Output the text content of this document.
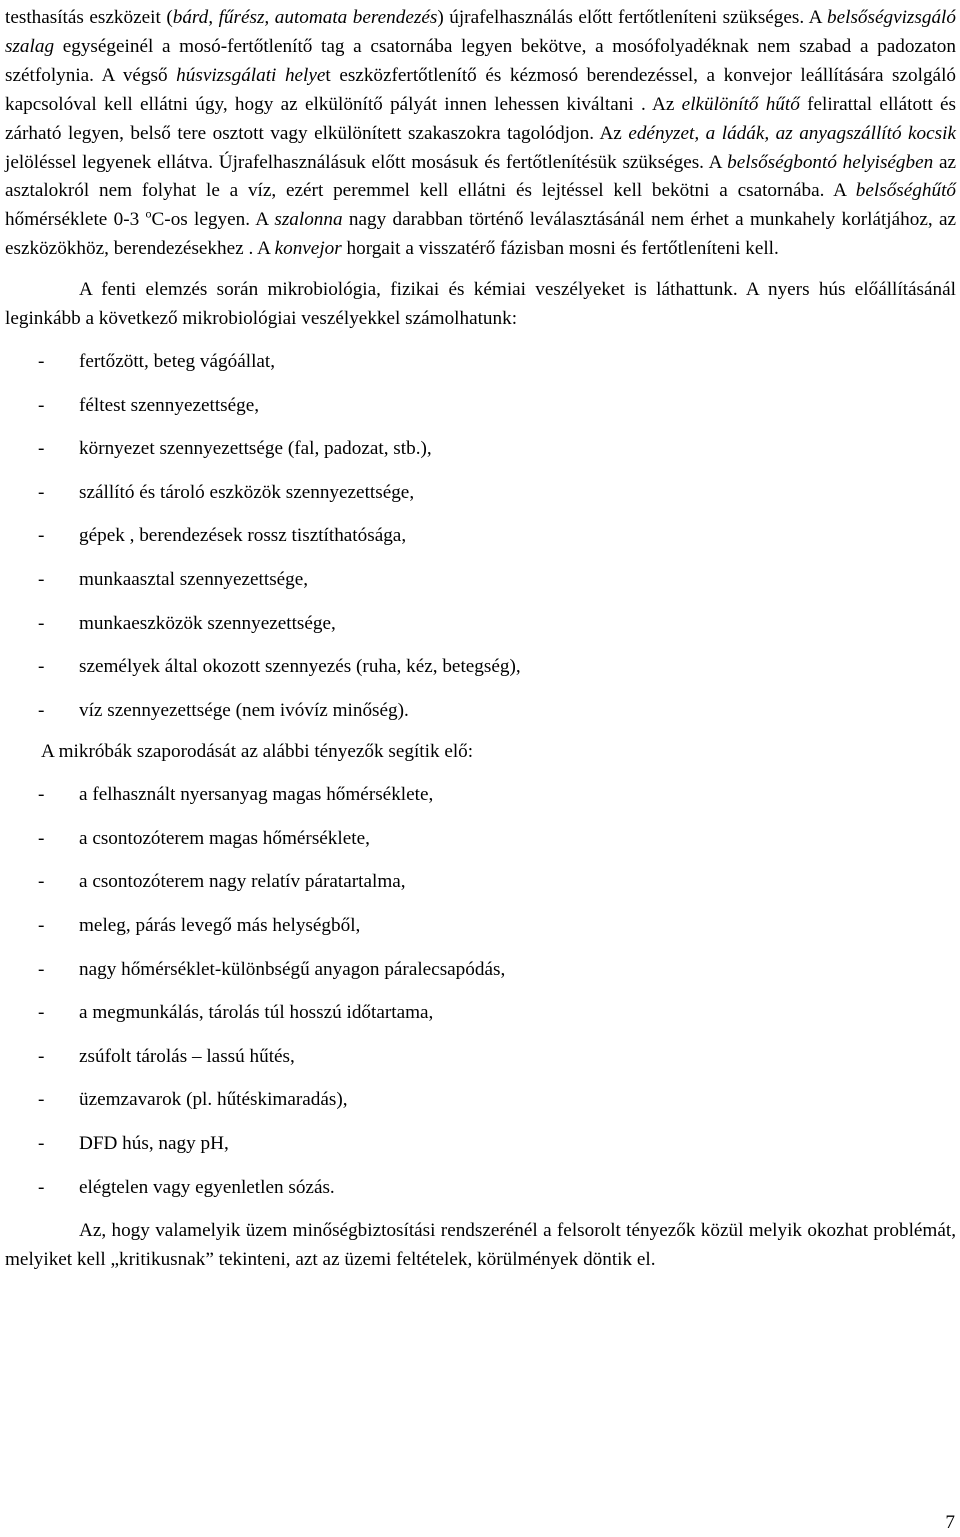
testhasítás eszközeit (bárd, fűrész, automata berendezés) újrafelhasználás előtt fertőtleníteni szükséges. A belsőségvizsgáló szalag egységeinél a mosó-fertőtlenítő tag a csatornába legyen bekötve, a mosófolyadéknak nem szabad a padozaton szétfolynia. A végső húsvizsgálati helyet eszközfertőtlenítő és kézmosó berendezéssel, a konvejor leállítására szolgáló kapcsolóval kell ellátni úgy, hogy az elkülönítő pályát innen lehessen kiváltani . Az elkülönítő hűtő felirattal ellátott és zárható legyen, belső tere osztott vagy elkülönített szakaszokra tagolódjon. Az edényzet, a ládák, az anyagszállító kocsik jelöléssel legyenek ellátva. Újrafelhasználásuk előtt mosásuk és fertőtlenítésük szükséges. A belsőségbontó helyiségben az asztalokról nem folyhat le a víz, ezért peremmel kell ellátni és lejtéssel kell bekötni a csatornába. A belsőséghűtő hőmérséklete 0-3 $^o$C-os legyen. A szalonna nagy darabban történő leválasztásánál nem érhet a munkahely korlátjához, az eszközökhöz, berendezésekhez . A konvejor horgait a visszatérő fázisban mosni és fertőtleníteni kell.

A fenti elemzés során mikrobiológia, fizikai és kémiai veszélyeket is láthattunk. A nyers hús előállításánál leginkább a következő mikrobiológiai veszélyekkel számolhatunk:

- fertőzött, beteg vágóállat,
- féltest szennyezettsége,
- környezet szennyezettsége (fal, padozat, stb.),
- szállító és tároló eszközök szennyezettsége,
- gépek , berendezések rossz tisztíthatósága,
- munkaasztal szennyezettsége,
- munkaeszközök szennyezettsége,
- személyek által okozott szennyezés (ruha, kéz, betegség),
- víz szennyezettsége (nem ivóvíz minőség).

A mikróbák szaporodását az alábbi tényezők segítik elő:

- a felhasznált nyersanyag magas hőmérséklete,
- a csontozóterem magas hőmérséklete,
- a csontozóterem nagy relatív páratartalma,
- meleg, párás levegő más helységből,
- nagy hőmérséklet-különbségű anyagon páralecsapódás,
- a megmunkálás, tárolás túl hosszú időtartama,
- zsúfolt tárolás – lassú hűtés,
- üzemzavarok (pl. hűtéskimaradás),
- DFD hús, nagy pH,
- elégtelen vagy egyenletlen sózás.

Az, hogy valamelyik üzem minőségbiztosítási rendszerénél a felsorolt tényezők közül melyik okozhat problémát, melyiket kell „kritikusnak” tekinteni, azt az üzemi feltételek, körülmények döntik el.

7
